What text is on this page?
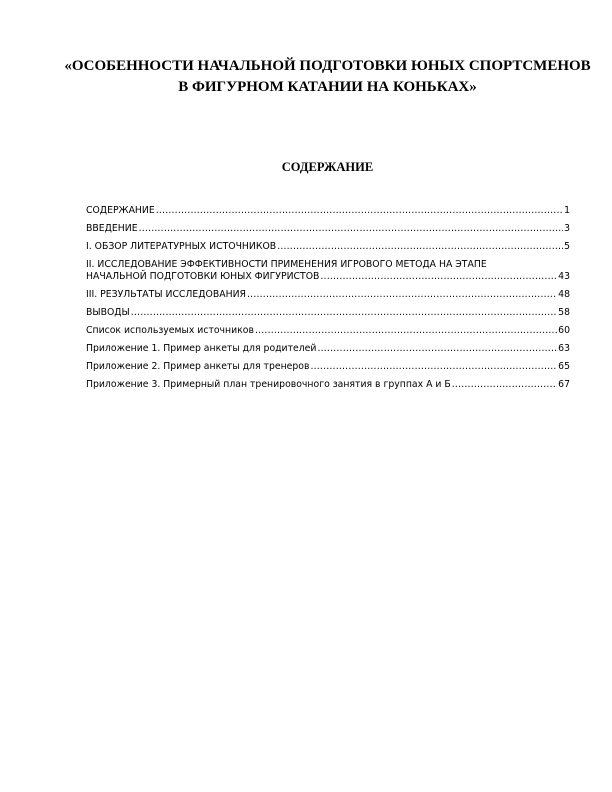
«ОСОБЕННОСТИ НАЧАЛЬНОЙ ПОДГОТОВКИ ЮНЫХ СПОРТСМЕНОВ В ФИГУРНОМ КАТАНИИ НА КОНЬКАХ»
СОДЕРЖАНИЕ
СОДЕРЖАНИЕ .....	1
ВВЕДЕНИЕ .....	3
I. ОБЗОР ЛИТЕРАТУРНЫХ ИСТОЧНИКОВ .....	5
II. ИССЛЕДОВАНИЕ ЭФФЕКТИВНОСТИ ПРИМЕНЕНИЯ ИГРОВОГО МЕТОДА НА ЭТАПЕ
НАЧАЛЬНОЙ ПОДГОТОВКИ ЮНЫХ ФИГУРИСТОВ .....	43
III. РЕЗУЛЬТАТЫ ИССЛЕДОВАНИЯ .....	48
ВЫВОДЫ .....	58
Список используемых источников .....	60
Приложение 1. Пример анкеты для родителей .....	63
Приложение 2. Пример анкеты для тренеров .....	65
Приложение 3. Примерный план тренировочного занятия в группах А и Б .....	67
